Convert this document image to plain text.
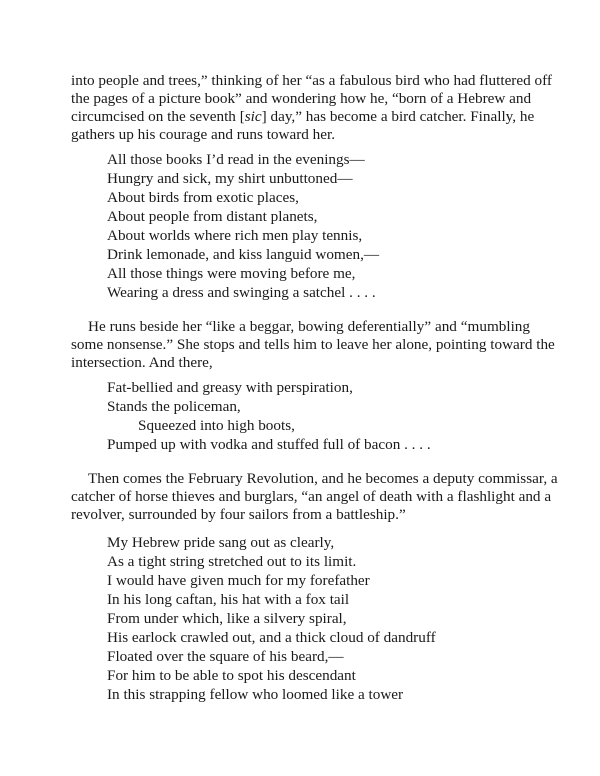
into people and trees,” thinking of her “as a fabulous bird who had fluttered off
the pages of a picture book” and wondering how he, “born of a Hebrew and
circumcised on the seventh [sic] day,” has become a bird catcher. Finally, he
gathers up his courage and runs toward her.
All those books I’d read in the evenings—
Hungry and sick, my shirt unbuttoned—
About birds from exotic places,
About people from distant planets,
About worlds where rich men play tennis,
Drink lemonade, and kiss languid women,—
All those things were moving before me,
Wearing a dress and swinging a satchel . . . .
He runs beside her “like a beggar, bowing deferentially” and “mumbling
some nonsense.” She stops and tells him to leave her alone, pointing toward the
intersection. And there,
Fat-bellied and greasy with perspiration,
Stands the policeman,
Squeezed into high boots,
Pumped up with vodka and stuffed full of bacon . . . .
Then comes the February Revolution, and he becomes a deputy commissar, a
catcher of horse thieves and burglars, “an angel of death with a flashlight and a
revolver, surrounded by four sailors from a battleship.”
My Hebrew pride sang out as clearly,
As a tight string stretched out to its limit.
I would have given much for my forefather
In his long caftan, his hat with a fox tail
From under which, like a silvery spiral,
His earlock crawled out, and a thick cloud of dandruff
Floated over the square of his beard,—
For him to be able to spot his descendant
In this strapping fellow who loomed like a tower
